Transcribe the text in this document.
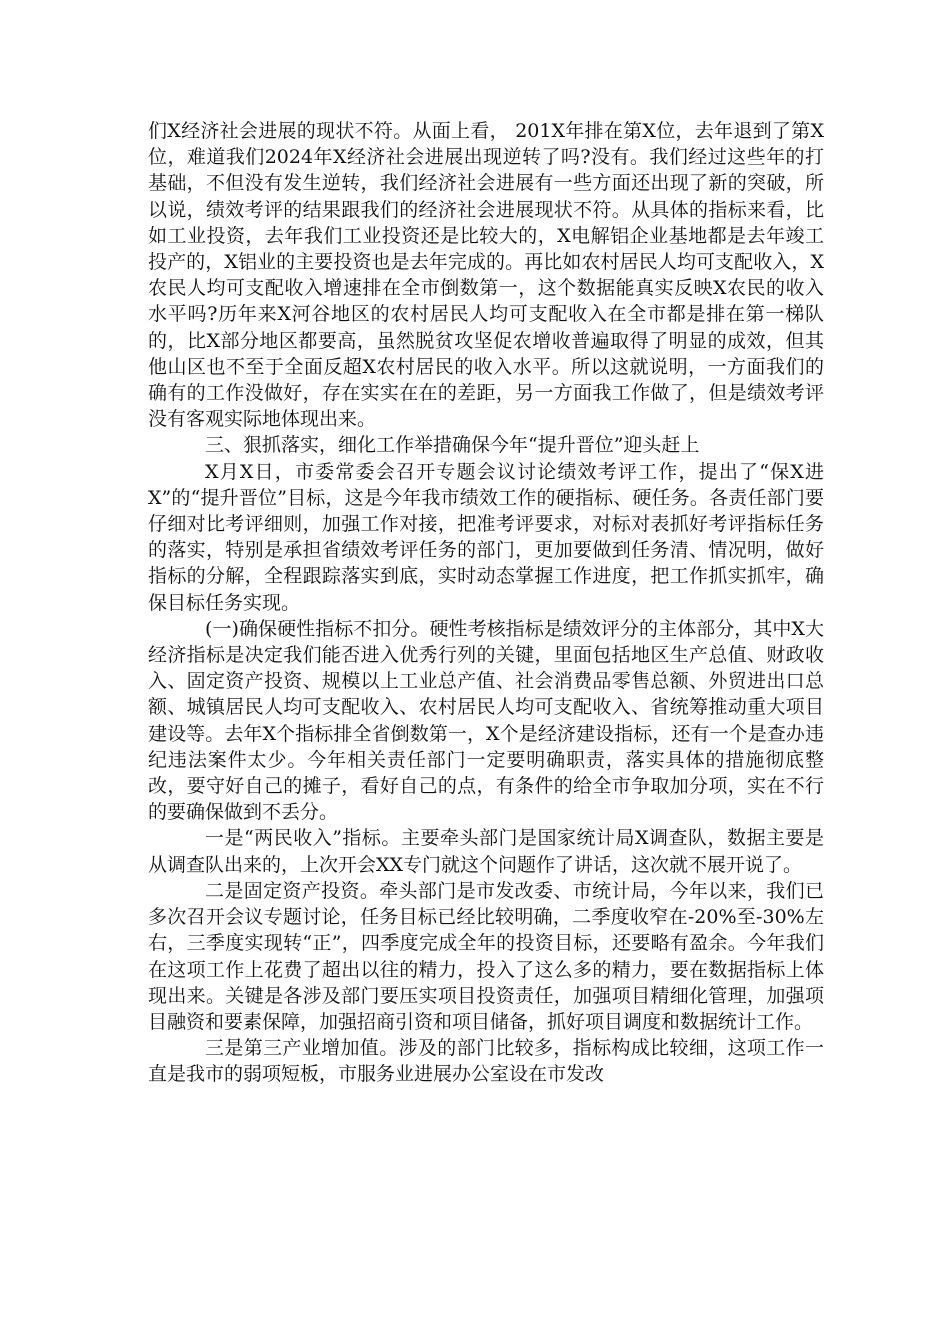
们X经济社会进展的现状不符。从面上看， 201X年排在第X位，去年退到了第X位，难道我们2024年X经济社会进展出现逆转了吗?没有。我们经过这些年的打基础，不但没有发生逆转，我们经济社会进展有一些方面还出现了新的突破，所以说，绩效考评的结果跟我们的经济社会进展现状不符。从具体的指标来看，比如工业投资，去年我们工业投资还是比较大的，X电解铝企业基地都是去年竣工投产的，X铝业的主要投资也是去年完成的。再比如农村居民人均可支配收入，X农民人均可支配收入增速排在全市倒数第一，这个数据能真实反映X农民的收入水平吗?历年来X河谷地区的农村居民人均可支配收入在全市都是排在第一梯队的，比X部分地区都要高，虽然脱贫攻坚促农增收普遍取得了明显的成效，但其他山区也不至于全面反超X农村居民的收入水平。所以这就说明，一方面我们的确有的工作没做好，存在实实在在的差距，另一方面我工作做了，但是绩效考评没有客观实际地体现出来。

三、狠抓落实，细化工作举措确保今年“提升晋位”迎头赶上

X月X日，市委常委会召开专题会议讨论绩效考评工作，提出了“保X进X”的“提升晋位”目标，这是今年我市绩效工作的硬指标、硬任务。各责任部门要仔细对比考评细则，加强工作对接，把准考评要求，对标对表抓好考评指标任务的落实，特别是承担省绩效考评任务的部门，更加要做到任务清、情况明，做好指标的分解，全程跟踪落实到底，实时动态掌握工作进度，把工作抓实抓牢，确保目标任务实现。

(一)确保硬性指标不扣分。硬性考核指标是绩效评分的主体部分，其中X大经济指标是决定我们能否进入优秀行列的关键，里面包括地区生产总值、财政收入、固定资产投资、规模以上工业总产值、社会消费品零售总额、外贸进出口总额、城镇居民人均可支配收入、农村居民人均可支配收入、省统筹推动重大项目建设等。去年X个指标排全省倒数第一，X个是经济建设指标，还有一个是查办违纪违法案件太少。今年相关责任部门一定要明确职责，落实具体的措施彻底整改，要守好自己的摊子，看好自己的点，有条件的给全市争取加分项，实在不行的要确保做到不丢分。

一是“两民收入”指标。主要牵头部门是国家统计局X调查队，数据主要是从调查队出来的，上次开会XX专门就这个问题作了讲话，这次就不展开说了。

二是固定资产投资。牵头部门是市发改委、市统计局，今年以来，我们已多次召开会议专题讨论，任务目标已经比较明确，二季度收窄在-20%至-30%左右，三季度实现转“正”，四季度完成全年的投资目标，还要略有盈余。今年我们在这项工作上花费了超出以往的精力，投入了这么多的精力，要在数据指标上体现出来。关键是各涉及部门要压实项目投资责任，加强项目精细化管理，加强项目融资和要素保障，加强招商引资和项目储备，抓好项目调度和数据统计工作。

三是第三产业增加值。涉及的部门比较多，指标构成比较细，这项工作一直是我市的弱项短板，市服务业进展办公室设在市发改
